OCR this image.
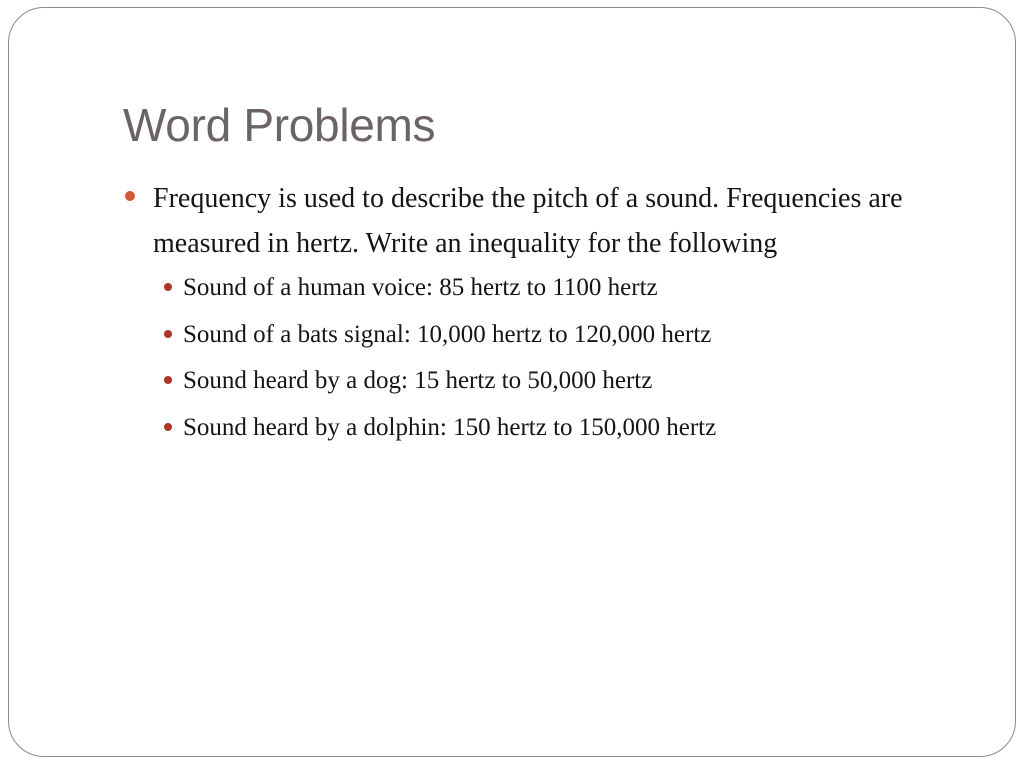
Word Problems
Frequency is used to describe the pitch of a sound. Frequencies are measured in hertz. Write an inequality for the following
Sound of a human voice: 85 hertz to 1100 hertz
Sound of a bats signal: 10,000 hertz to 120,000 hertz
Sound heard by a dog: 15 hertz to 50,000 hertz
Sound heard by a dolphin: 150 hertz to 150,000 hertz
